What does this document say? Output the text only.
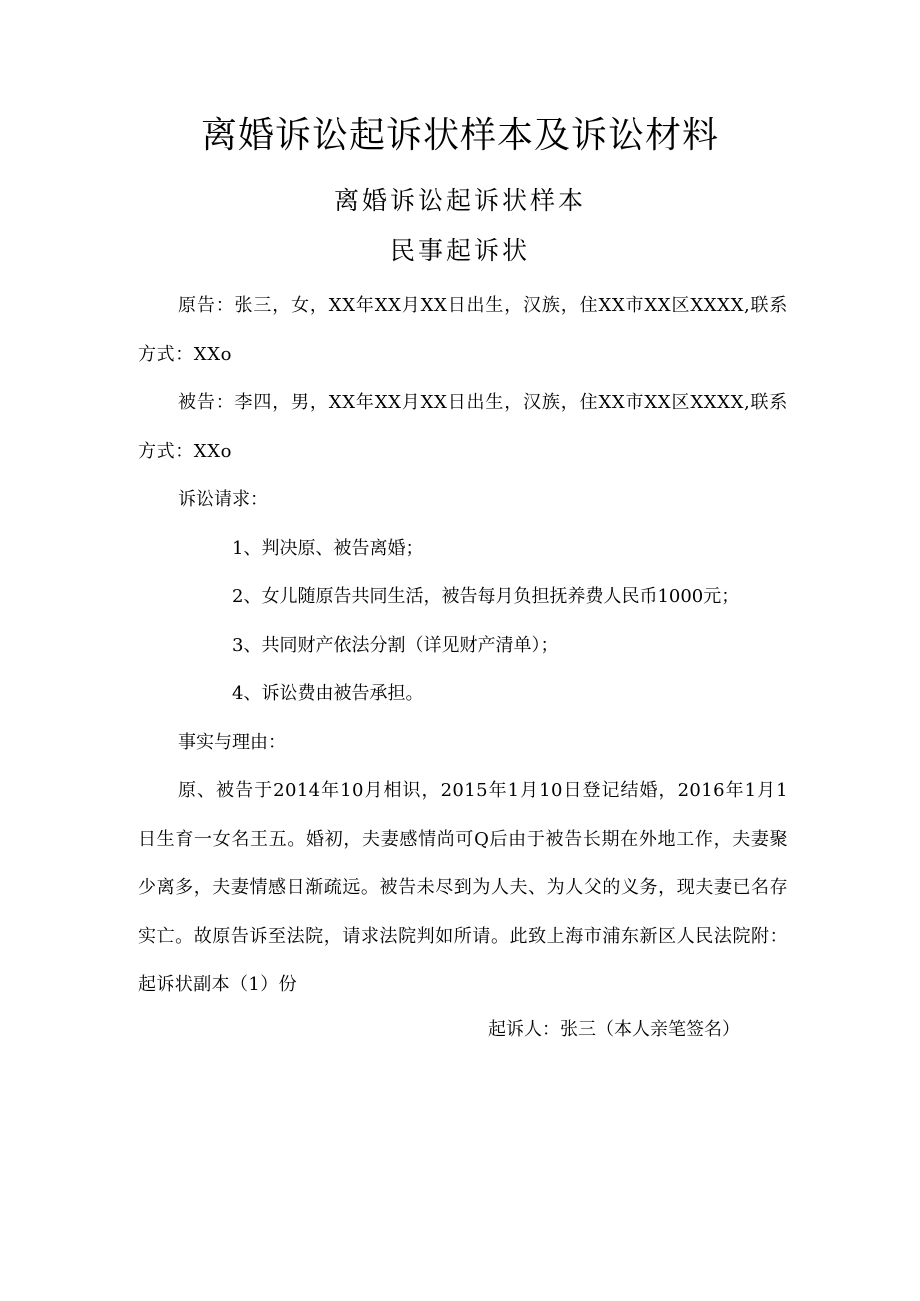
离婚诉讼起诉状样本及诉讼材料
离婚诉讼起诉状样本
民事起诉状

原告：张三，女，XX年XX月XX日出生，汉族，住XX市XX区XXXX,联系方式：XXo

被告：李四，男，XX年XX月XX日出生，汉族，住XX市XX区XXXX,联系方式：XXo

诉讼请求：

1、判决原、被告离婚；

2、女儿随原告共同生活，被告每月负担抚养费人民币1000元；

3、共同财产依法分割（详见财产清单）；

4、诉讼费由被告承担。

事实与理由：

原、被告于2014年10月相识，2015年1月10日登记结婚，2016年1月1日生育一女名王五。婚初，夫妻感情尚可Q后由于被告长期在外地工作，夫妻聚少离多，夫妻情感日渐疏远。被告未尽到为人夫、为人父的义务，现夫妻已名存实亡。故原告诉至法院，请求法院判如所请。此致上海市浦东新区人民法院附：起诉状副本（1）份

起诉人：张三（本人亲笔签名）
